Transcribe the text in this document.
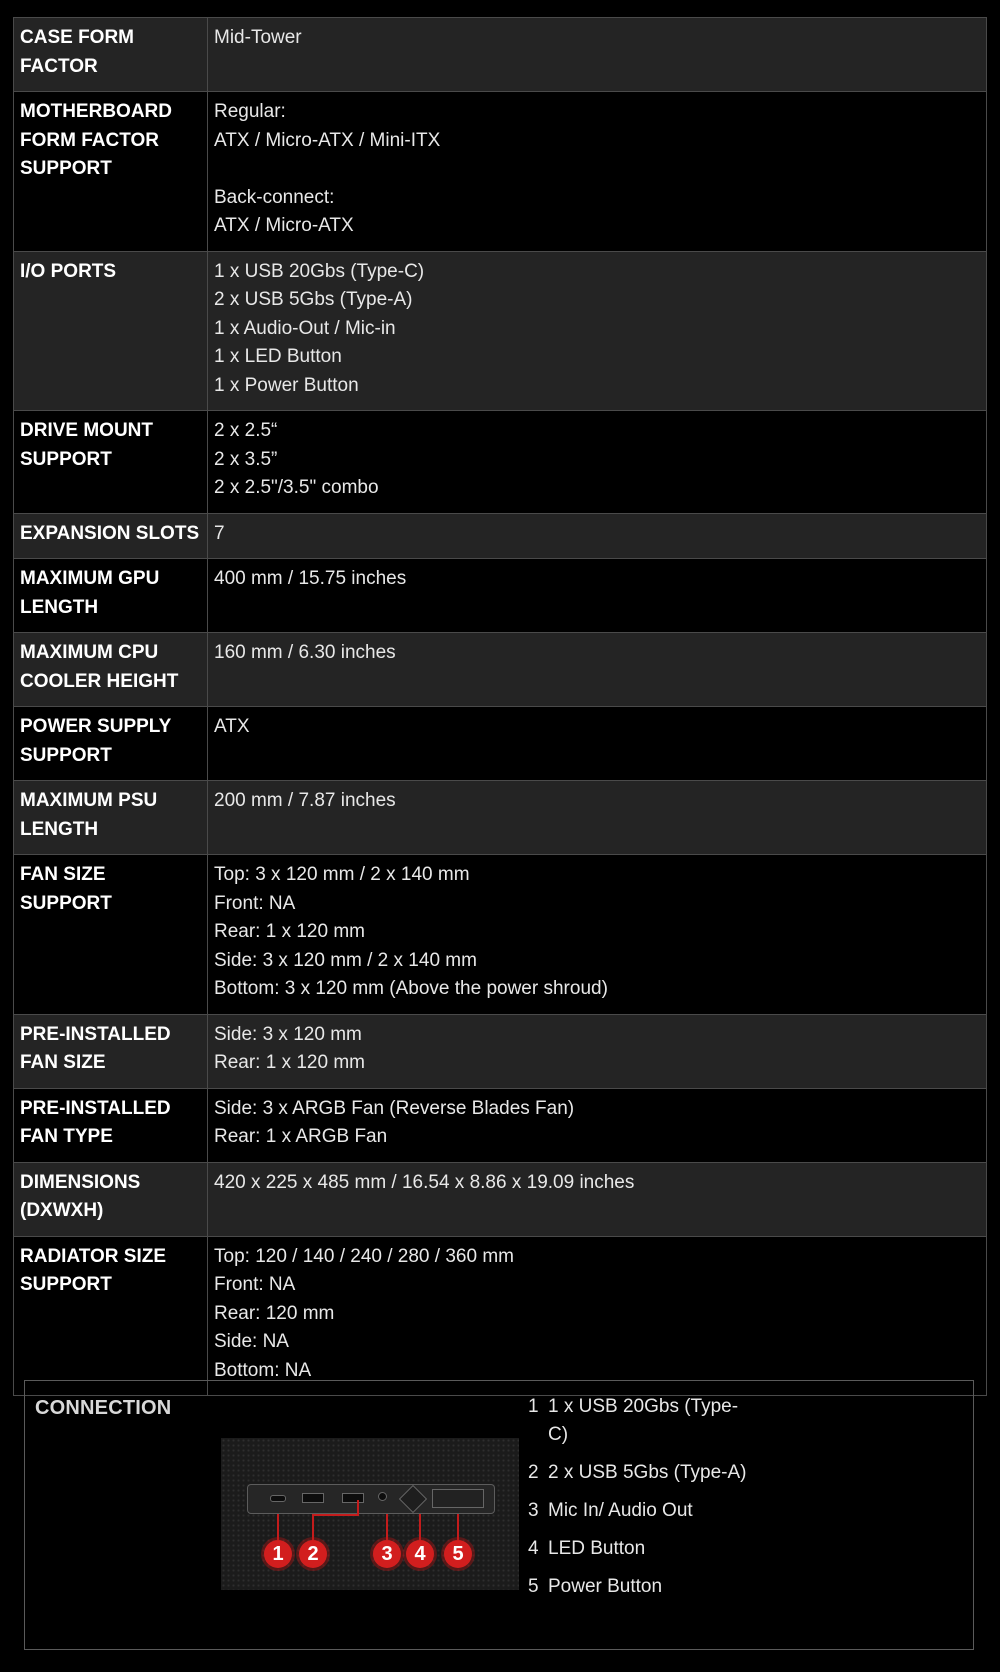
CASE FORM FACTOR	Mid-Tower

MOTHERBOARD FORM FACTOR SUPPORT	Regular:
ATX / Micro-ATX / Mini-ITX
Back-connect:
ATX / Micro-ATX

I/O PORTS	1 x USB 20Gbs (Type-C)
2 x USB 5Gbs (Type-A)
1 x Audio-Out / Mic-in
1 x LED Button
1 x Power Button

DRIVE MOUNT SUPPORT	2 x 2.5“
2 x 3.5”
2 x 2.5"/3.5" combo

EXPANSION SLOTS	7

MAXIMUM GPU LENGTH	400 mm / 15.75 inches

MAXIMUM CPU COOLER HEIGHT	160 mm / 6.30 inches

POWER SUPPLY SUPPORT	ATX

MAXIMUM PSU LENGTH	200 mm / 7.87 inches

FAN SIZE SUPPORT	Top: 3 x 120 mm / 2 x 140 mm
Front: NA
Rear: 1 x 120 mm
Side: 3 x 120 mm / 2 x 140 mm
Bottom: 3 x 120 mm (Above the power shroud)

PRE-INSTALLED FAN SIZE	Side: 3 x 120 mm
Rear: 1 x 120 mm

PRE-INSTALLED FAN TYPE	Side: 3 x ARGB Fan (Reverse Blades Fan)
Rear: 1 x ARGB Fan

DIMENSIONS (DXWXH)	420 x 225 x 485 mm / 16.54 x 8.86 x 19.09 inches

RADIATOR SIZE SUPPORT	Top: 120 / 140 / 240 / 280 / 360 mm
Front: NA
Rear: 120 mm
Side: NA
Bottom: NA
CONNECTION
1	2	3	4	5
1 1 x USB 20Gbs (Type-C)
2 2 x USB 5Gbs (Type-A)
3 Mic In/ Audio Out
4 LED Button
5 Power Button
